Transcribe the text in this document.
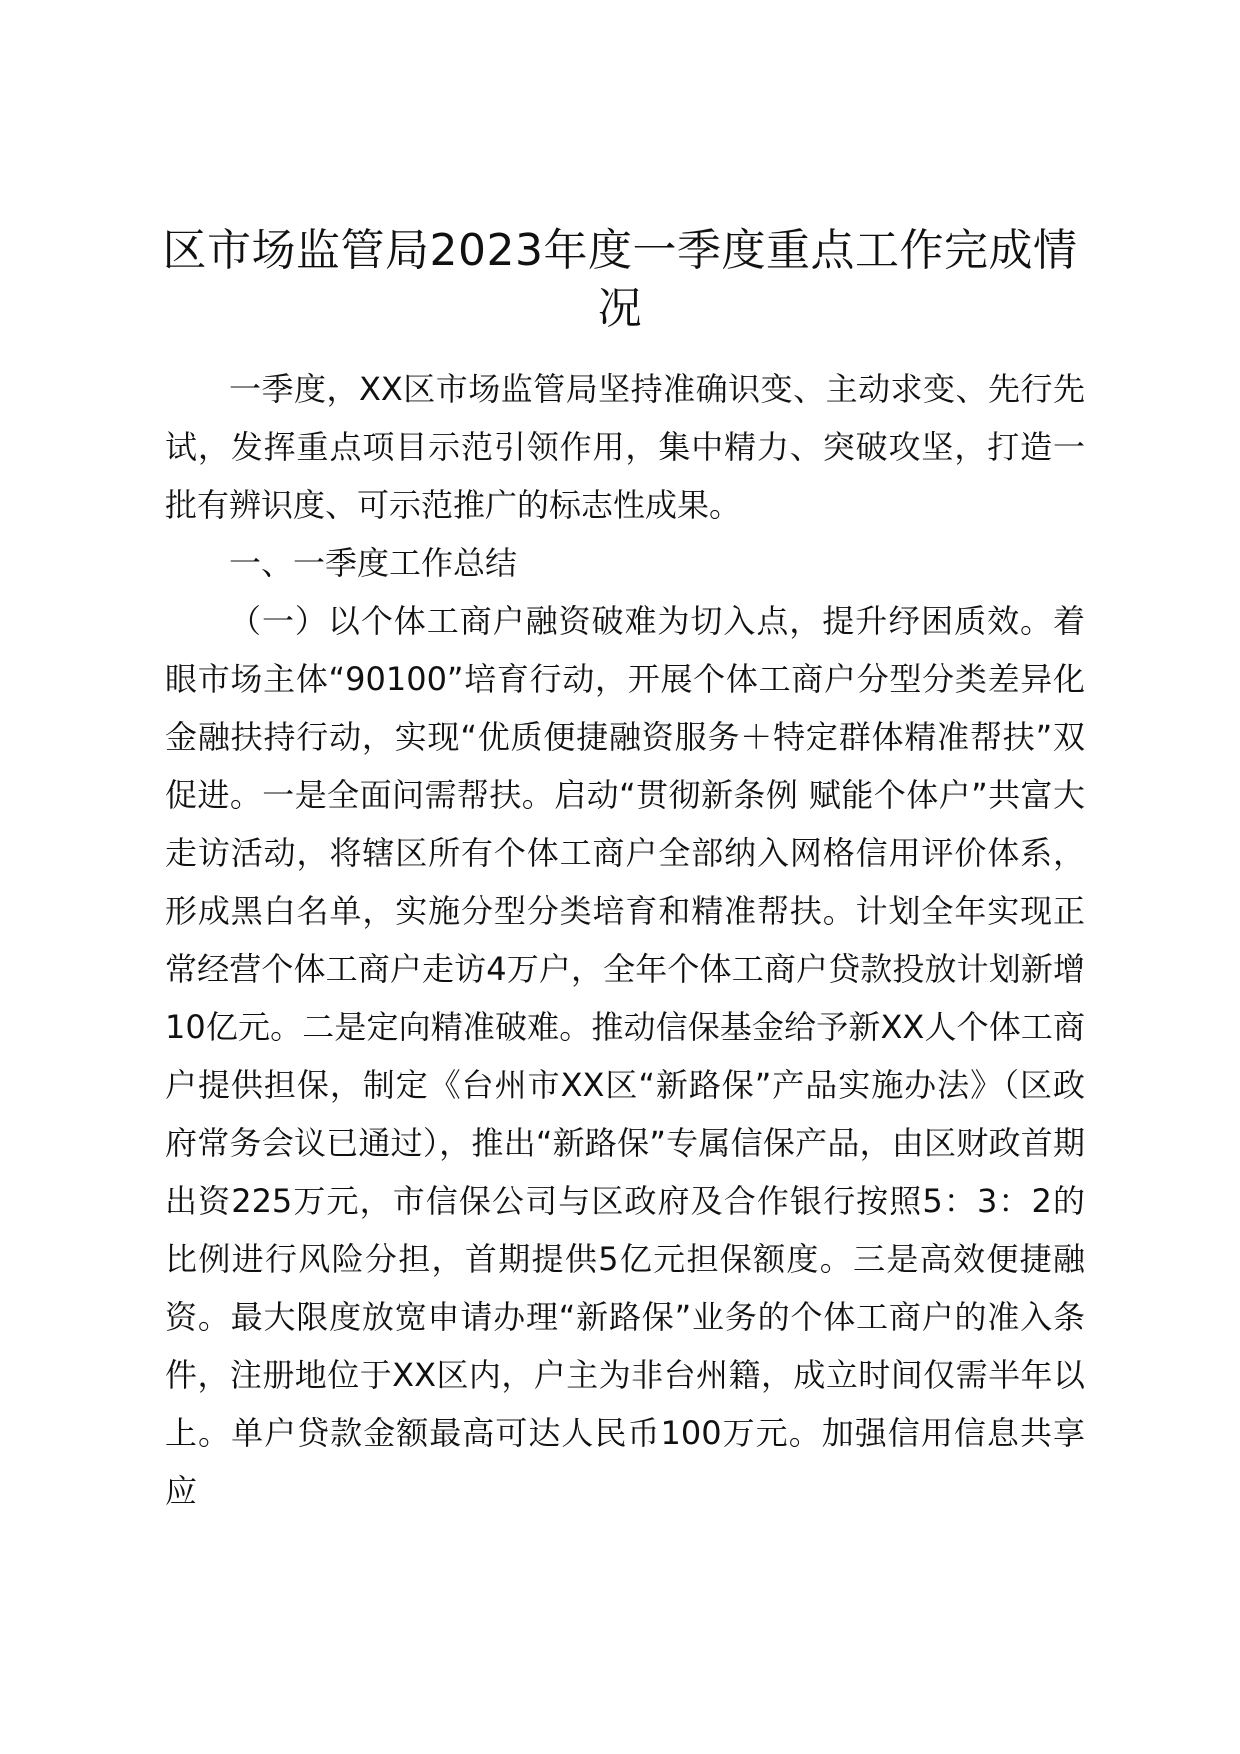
区市场监管局2023年度一季度重点工作完成情况

一季度，XX区市场监管局坚持准确识变、主动求变、先行先试，发挥重点项目示范引领作用，集中精力、突破攻坚，打造一批有辨识度、可示范推广的标志性成果。

一、一季度工作总结

（一）以个体工商户融资破难为切入点，提升纾困质效。着眼市场主体“90100”培育行动，开展个体工商户分型分类差异化金融扶持行动，实现“优质便捷融资服务＋特定群体精准帮扶”双促进。一是全面问需帮扶。启动“贯彻新条例 赋能个体户”共富大走访活动，将辖区所有个体工商户全部纳入网格信用评价体系，形成黑白名单，实施分型分类培育和精准帮扶。计划全年实现正常经营个体工商户走访4万户，全年个体工商户贷款投放计划新增10亿元。二是定向精准破难。推动信保基金给予新XX人个体工商户提供担保，制定《台州市XX区“新路保”产品实施办法》（区政府常务会议已通过），推出“新路保”专属信保产品，由区财政首期出资225万元，市信保公司与区政府及合作银行按照5：3：2的比例进行风险分担，首期提供5亿元担保额度。三是高效便捷融资。最大限度放宽申请办理“新路保”业务的个体工商户的准入条件，注册地位于XX区内，户主为非台州籍，成立时间仅需半年以上。单户贷款金额最高可达人民币100万元。加强信用信息共享应
